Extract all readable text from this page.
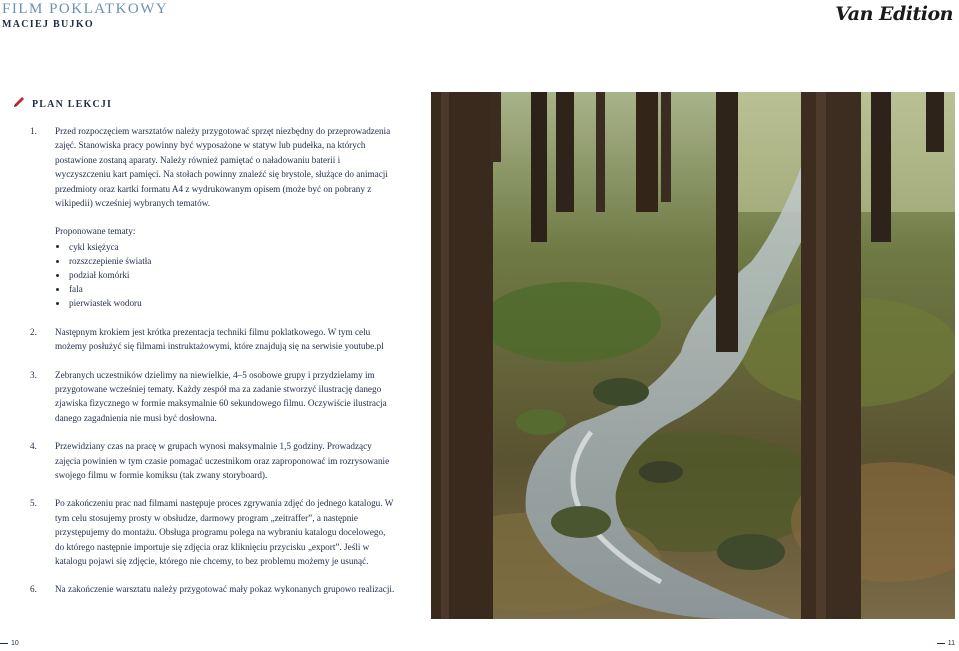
FILM POKLATKOWY
MACIEJ BUJKO	Van Edition
PLAN LEKCJI
1.	Przed rozpoczęciem warsztatów należy przygotować sprzęt niezbędny do przeprowadzenia zajęć. Stanowiska pracy powinny być wyposażone w statyw lub pudełka, na których postawione zostaną aparaty. Należy również pamiętać o naładowaniu baterii i wyczyszczeniu kart pamięci. Na stołach powinny znaleźć się brystole, służące do animacji przedmioty oraz kartki formatu A4 z wydrukowanym opisem (może być on pobrany z wikipedii) wcześniej wybranych tematów.
Proponowane tematy:
cykl księżyca
rozszczepienie światła
podział komórki
fala
pierwiastek wodoru
2.	Następnym krokiem jest krótka prezentacja techniki filmu poklatkowego. W tym celu możemy posłużyć się filmami instruktażowymi, które znajdują się na serwisie youtube.pl
3.	Zebranych uczestników dzielimy na niewielkie, 4–5 osobowe grupy i przydzielamy im przygotowane wcześniej tematy. Każdy zespół ma za zadanie stworzyć ilustrację danego zjawiska fizycznego w formie maksymalnie 60 sekundowego filmu. Oczywiście ilustracja danego zagadnienia nie musi być dosłowna.
4.	Przewidziany czas na pracę w grupach wynosi maksymalnie 1,5 godziny. Prowadzący zajęcia powinien w tym czasie pomagać uczestnikom oraz zaproponować im rozrysowanie swojego filmu w formie komiksu (tak zwany storyboard).
5.	Po zakończeniu prac nad filmami następuje proces zgrywania zdjęć do jednego katalogu. W tym celu stosujemy prosty w obsłudze, darmowy program „zeitraffer”, a następnie przystępujemy do montażu. Obsługa programu polega na wybraniu katalogu docelowego, do którego następnie importuje się zdjęcia oraz kliknięciu przycisku „export”. Jeśli w katalogu pojawi się zdjęcie, którego nie chcemy, to bez problemu możemy je usunąć.
6.	Na zakończenie warsztatu należy przygotować mały pokaz wykonanych grupowo realizacji.
10	11
